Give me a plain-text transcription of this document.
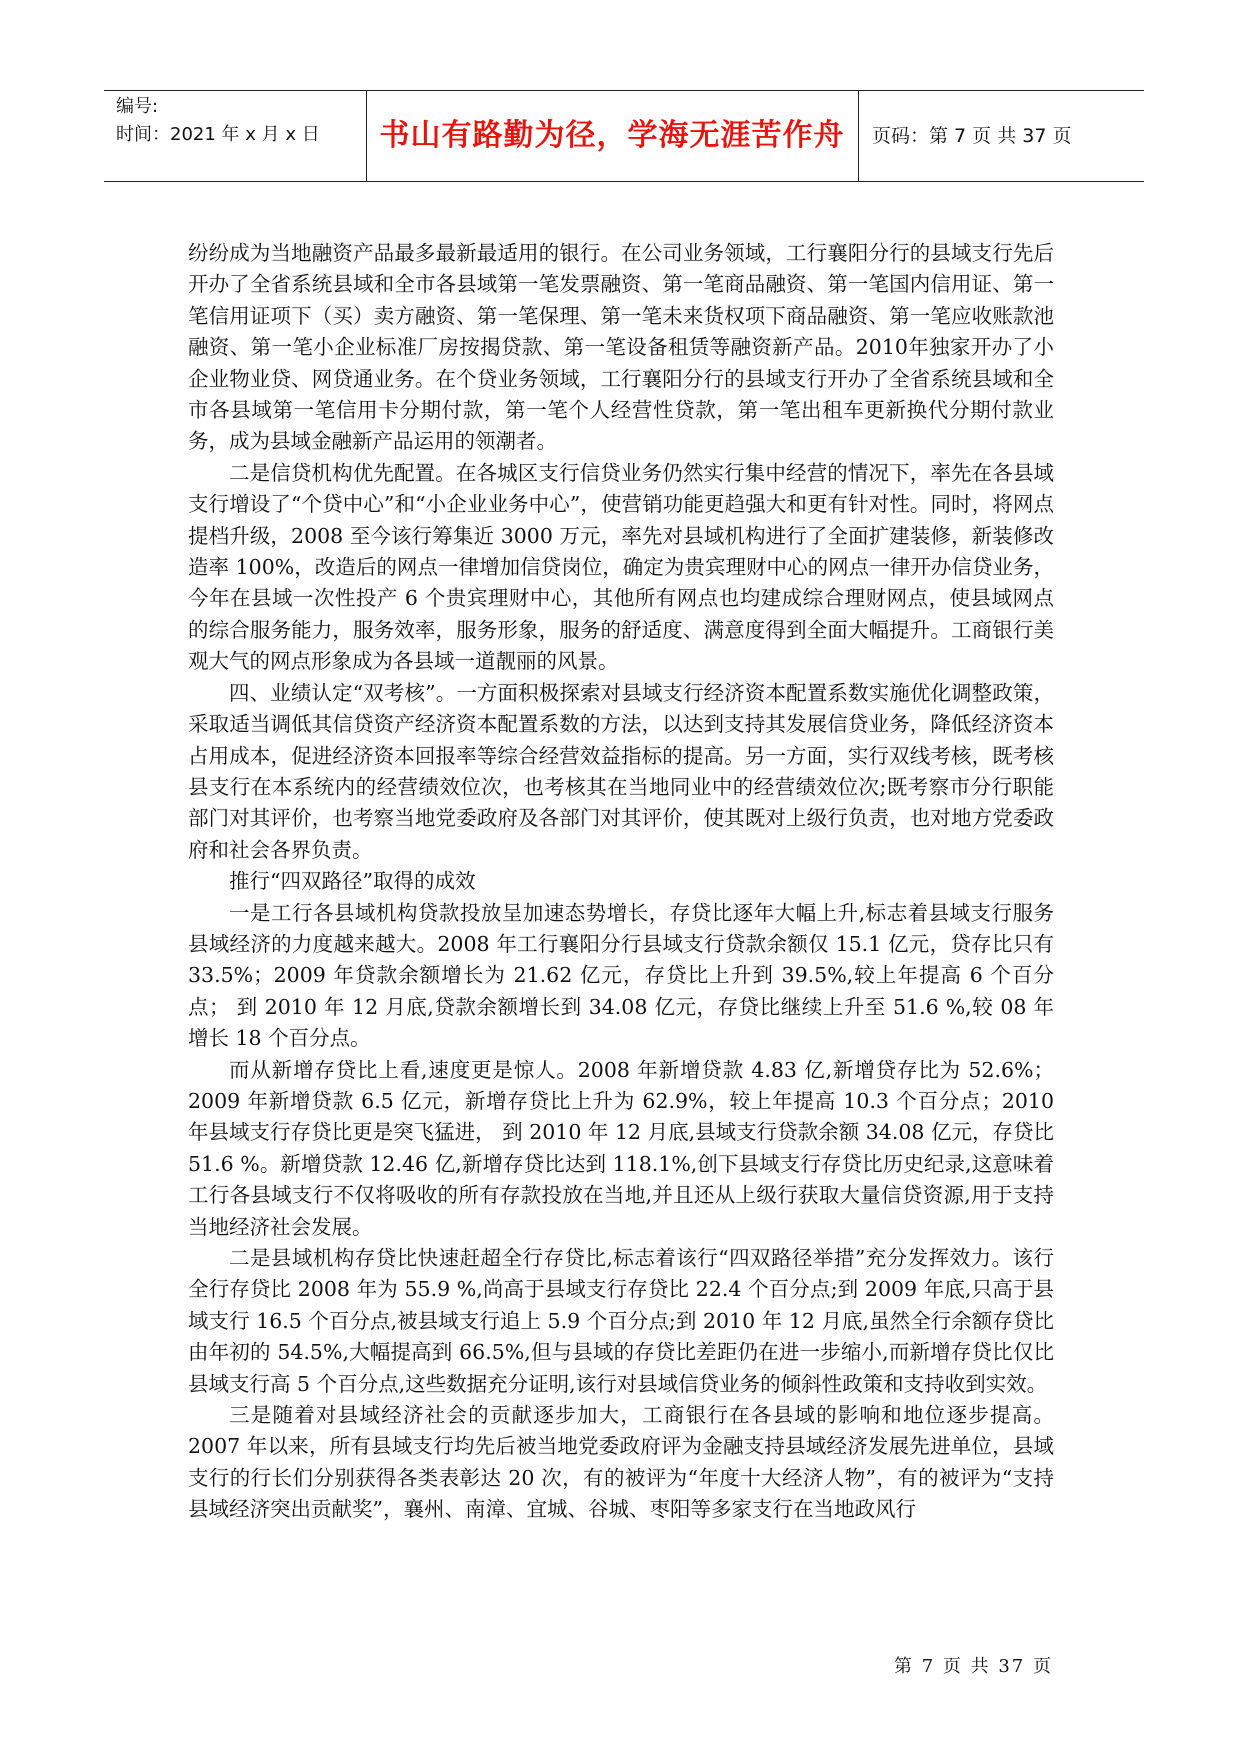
编号:
时间：2021 年 x 月 x 日	书山有路勤为径，学海无涯苦作舟	页码：第 7 页 共 37 页

纷纷成为当地融资产品最多最新最适用的银行。在公司业务领域，工行襄阳分行的县域支行先后开办了全省系统县域和全市各县域第一笔发票融资、第一笔商品融资、第一笔国内信用证、第一笔信用证项下（买）卖方融资、第一笔保理、第一笔未来货权项下商品融资、第一笔应收账款池融资、第一笔小企业标准厂房按揭贷款、第一笔设备租赁等融资新产品。2010年独家开办了小企业物业贷、网贷通业务。在个贷业务领域，工行襄阳分行的县域支行开办了全省系统县域和全市各县域第一笔信用卡分期付款，第一笔个人经营性贷款，第一笔出租车更新换代分期付款业务，成为县域金融新产品运用的领潮者。

二是信贷机构优先配置。在各城区支行信贷业务仍然实行集中经营的情况下，率先在各县域支行增设了“个贷中心”和“小企业业务中心”，使营销功能更趋强大和更有针对性。同时，将网点提档升级，2008 至今该行筹集近 3000 万元，率先对县域机构进行了全面扩建装修，新装修改造率 100%，改造后的网点一律增加信贷岗位，确定为贵宾理财中心的网点一律开办信贷业务，今年在县域一次性投产 6 个贵宾理财中心，其他所有网点也均建成综合理财网点，使县域网点的综合服务能力，服务效率，服务形象，服务的舒适度、满意度得到全面大幅提升。工商银行美观大气的网点形象成为各县域一道靓丽的风景。

四、业绩认定“双考核”。一方面积极探索对县域支行经济资本配置系数实施优化调整政策，采取适当调低其信贷资产经济资本配置系数的方法，以达到支持其发展信贷业务，降低经济资本占用成本，促进经济资本回报率等综合经营效益指标的提高。另一方面，实行双线考核，既考核县支行在本系统内的经营绩效位次，也考核其在当地同业中的经营绩效位次;既考察市分行职能部门对其评价，也考察当地党委政府及各部门对其评价，使其既对上级行负责，也对地方党委政府和社会各界负责。

推行“四双路径”取得的成效

一是工行各县域机构贷款投放呈加速态势增长，存贷比逐年大幅上升,标志着县域支行服务县域经济的力度越来越大。2008 年工行襄阳分行县域支行贷款余额仅 15.1 亿元，贷存比只有 33.5%；2009 年贷款余额增长为 21.62 亿元，存贷比上升到 39.5%,较上年提高 6 个百分点； 到 2010 年 12 月底,贷款余额增长到 34.08 亿元，存贷比继续上升至 51.6 %,较 08 年增长 18 个百分点。

而从新增存贷比上看,速度更是惊人。2008 年新增贷款 4.83 亿,新增贷存比为 52.6%；2009 年新增贷款 6.5 亿元，新增存贷比上升为 62.9%，较上年提高 10.3 个百分点；2010 年县域支行存贷比更是突飞猛进， 到 2010 年 12 月底,县域支行贷款余额 34.08 亿元，存贷比 51.6 %。新增贷款 12.46 亿,新增存贷比达到 118.1%,创下县域支行存贷比历史纪录,这意味着工行各县域支行不仅将吸收的所有存款投放在当地,并且还从上级行获取大量信贷资源,用于支持当地经济社会发展。

二是县域机构存贷比快速赶超全行存贷比,标志着该行“四双路径举措”充分发挥效力。该行全行存贷比 2008 年为 55.9 %,尚高于县域支行存贷比 22.4 个百分点;到 2009 年底,只高于县域支行 16.5 个百分点,被县域支行追上 5.9 个百分点;到 2010 年 12 月底,虽然全行余额存贷比由年初的 54.5%,大幅提高到 66.5%,但与县域的存贷比差距仍在进一步缩小,而新增存贷比仅比县域支行高 5 个百分点,这些数据充分证明,该行对县域信贷业务的倾斜性政策和支持收到实效。

三是随着对县域经济社会的贡献逐步加大，工商银行在各县域的影响和地位逐步提高。2007 年以来，所有县域支行均先后被当地党委政府评为金融支持县域经济发展先进单位，县域支行的行长们分别获得各类表彰达 20 次，有的被评为“年度十大经济人物”，有的被评为“支持县域经济突出贡献奖”，襄州、南漳、宜城、谷城、枣阳等多家支行在当地政风行

第 7 页 共 37 页
